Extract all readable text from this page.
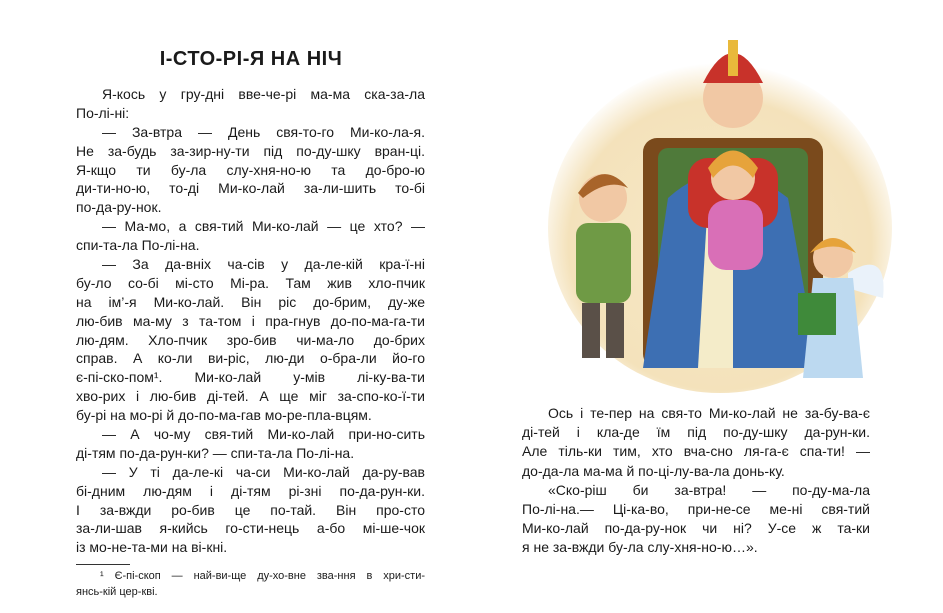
І-СТО-РІ-Я НА НІЧ
Я-кось у гру-дні вве-че-рі ма-ма ска-за-ла
По-лі-ні:
— За-втра — День свя-то-го Ми-ко-ла-я.
Не за-будь за-зир-ну-ти під по-ду-шку вран-ці.
Я-кщо ти бу-ла слу-хня-но-ю та до-бро-ю
ди-ти-но-ю, то-ді Ми-ко-лай за-ли-шить то-бі
по-да-ру-нок.
— Ма-мо, а свя-тий Ми-ко-лай — це хто? —
спи-та-ла По-лі-на.
— За да-вніх ча-сів у да-ле-кій кра-ї-ні
бу-ло со-бі мі-сто Мі-ра. Там жив хло-пчик
на ім’-я Ми-ко-лай. Він ріс до-брим, ду-же
лю-бив ма-му з та-том і пра-гнув до-по-ма-га-ти
лю-дям. Хло-пчик зро-бив чи-ма-ло до-брих
справ. А ко-ли ви-ріс, лю-ди о-бра-ли йо-го
є-пі-ско-пом¹. Ми-ко-лай у-мів лі-ку-ва-ти
хво-рих і лю-бив ді-тей. А ще міг за-спо-ко-ї-ти
бу-рі на мо-рі й до-по-ма-гав мо-ре-пла-вцям.
— А чо-му свя-тий Ми-ко-лай при-но-сить
ді-тям по-да-рун-ки? — спи-та-ла По-лі-на.
— У ті да-ле-кі ча-си Ми-ко-лай да-ру-вав
бі-дним лю-дям і ді-тям рі-зні по-да-рун-ки.
І за-вжди ро-бив це по-тай. Він про-сто
за-ли-шав я-кийсь го-сти-нець а-бо мі-ше-чок
із мо-не-та-ми на ві-кні.
¹ Є-пі-скоп — най-ви-ще ду-хо-вне зва-ння в хри-сти-
янсь-кій цер-кві.
Ось і те-пер на свя-то Ми-ко-лай не за-бу-ва-є
ді-тей і кла-де їм під по-ду-шку да-рун-ки.
Але тіль-ки тим, хто вча-сно ля-га-є спа-ти! —
до-да-ла ма-ма й по-ці-лу-ва-ла донь-ку.
«Ско-ріш би за-втра! — по-ду-ма-ла
По-лі-на.— Ці-ка-во, при-не-се ме-ні свя-тий
Ми-ко-лай по-да-ру-нок чи ні? У-се ж та-ки
я не за-вжди бу-ла слу-хня-но-ю…».
